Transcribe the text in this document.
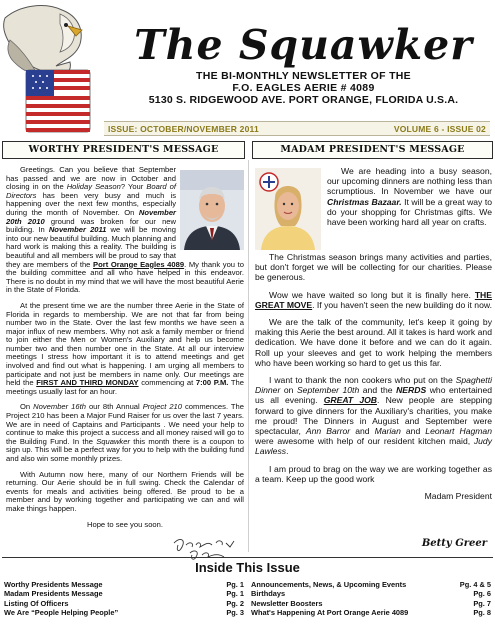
The Squawker
THE BI-MONTHLY NEWSLETTER OF THE
F.O. EAGLES AERIE # 4089
5130 S. RIDGEWOOD AVE. PORT ORANGE, FLORIDA U.S.A.
ISSUE: OCTOBER/NOVEMBER 2011	VOLUME 6 - ISSUE 02
WORTHY PRESIDENT'S MESSAGE	MADAM PRESIDENT'S MESSAGE

Greetings. Can you believe that September has passed and we are now in October and closing in on the Holiday Season? Your Board of Directors has been very busy and much is happening over the next few months, especially during the month of November. On November 20th 2010 ground was broken for our new building. In November 2011 we will be moving into our new beautiful building. Much planning and hard work is making this a reality. The building is beautiful and all members will be proud to say that they are members of the Port Orange Eagles 4089. My thank you to the building committee and all who have helped in this endeavor. There is no doubt in my mind that we will have the most beautiful Aerie in the State of Florida.

At the present time we are the number three Aerie in the State of Florida in regards to membership. We are not that far from being number two in the State. Over the last few months we have seen a major influx of new members. Why not ask a family member or friend to join either the Men or Women's Auxiliary and help us become number two and then number one in the State. At all our interview meetings I stress how important it is to attend meetings and get involved and find out what is happening. I am urging all members to participate and not just be members in name only. Our meetings are held the FIRST AND THIRD MONDAY commencing at 7:00 P.M. The meetings usually last for an hour.

On November 16th our 8th Annual Project 210 commences. The Project 210 has been a Major Fund Raiser for us over the last 7 years. We are in need of Captains and Participants . We need your help to continue to make this project a success and all money raised will go to the Building Fund. In the Squawker this month there is a coupon to sign up. This will be a perfect way for you to help with the building fund and also win some monthly prizes.

With Autumn now here, many of our Northern Friends will be returning. Our Aerie should be in full swing. Check the Calendar of events for meals and activities being offered. Be proud to be a member and by working together and participating we can and will make things happen.

Hope to see you soon.

We are heading into a busy season, our upcoming dinners are nothing less than scrumptious. In November we have our Christmas Bazaar. It will be a great way to do your shopping for Christmas gifts. We have been working hard all year on crafts.

The Christmas season brings many activities and parties, but don't forget we will be collecting for our charities. Please be generous.

Wow we have waited so long but it is finally here. THE GREAT MOVE. If you haven't seen the new building do it now.

We are the talk of the community, let's keep it going by making this Aerie the best around. All it takes is hard work and dedication. We have done it before and we can do it again. Roll up your sleeves and get to work helping the members who have been working so hard to get us this far.

I want to thank the non cookers who put on the Spaghetti Dinner on September 10th and the NERDS who entertained us all evening. GREAT JOB. New people are stepping forward to give dinners for the Auxiliary's charities, you make me proud! The Dinners in August and September were spectacular, Ann Barror and Marian and Leonart Hagman were awesome with help of our resident kitchen maid, Judy Lawless.

I am proud to brag on the way we are working together as a team. Keep up the good work

Madam President

Betty Greer
Inside This Issue
Worthy Presidents Message	Pg. 1
Madam Presidents Message	Pg. 1
Listing Of Officers	Pg. 2
We Are “People Helping People”	Pg. 3
Announcements, News, & Upcoming Events	Pg. 4 & 5
Birthdays	Pg. 6
Newsletter Boosters	Pg. 7
What's Happening At Port Orange Aerie 4089	Pg. 8
